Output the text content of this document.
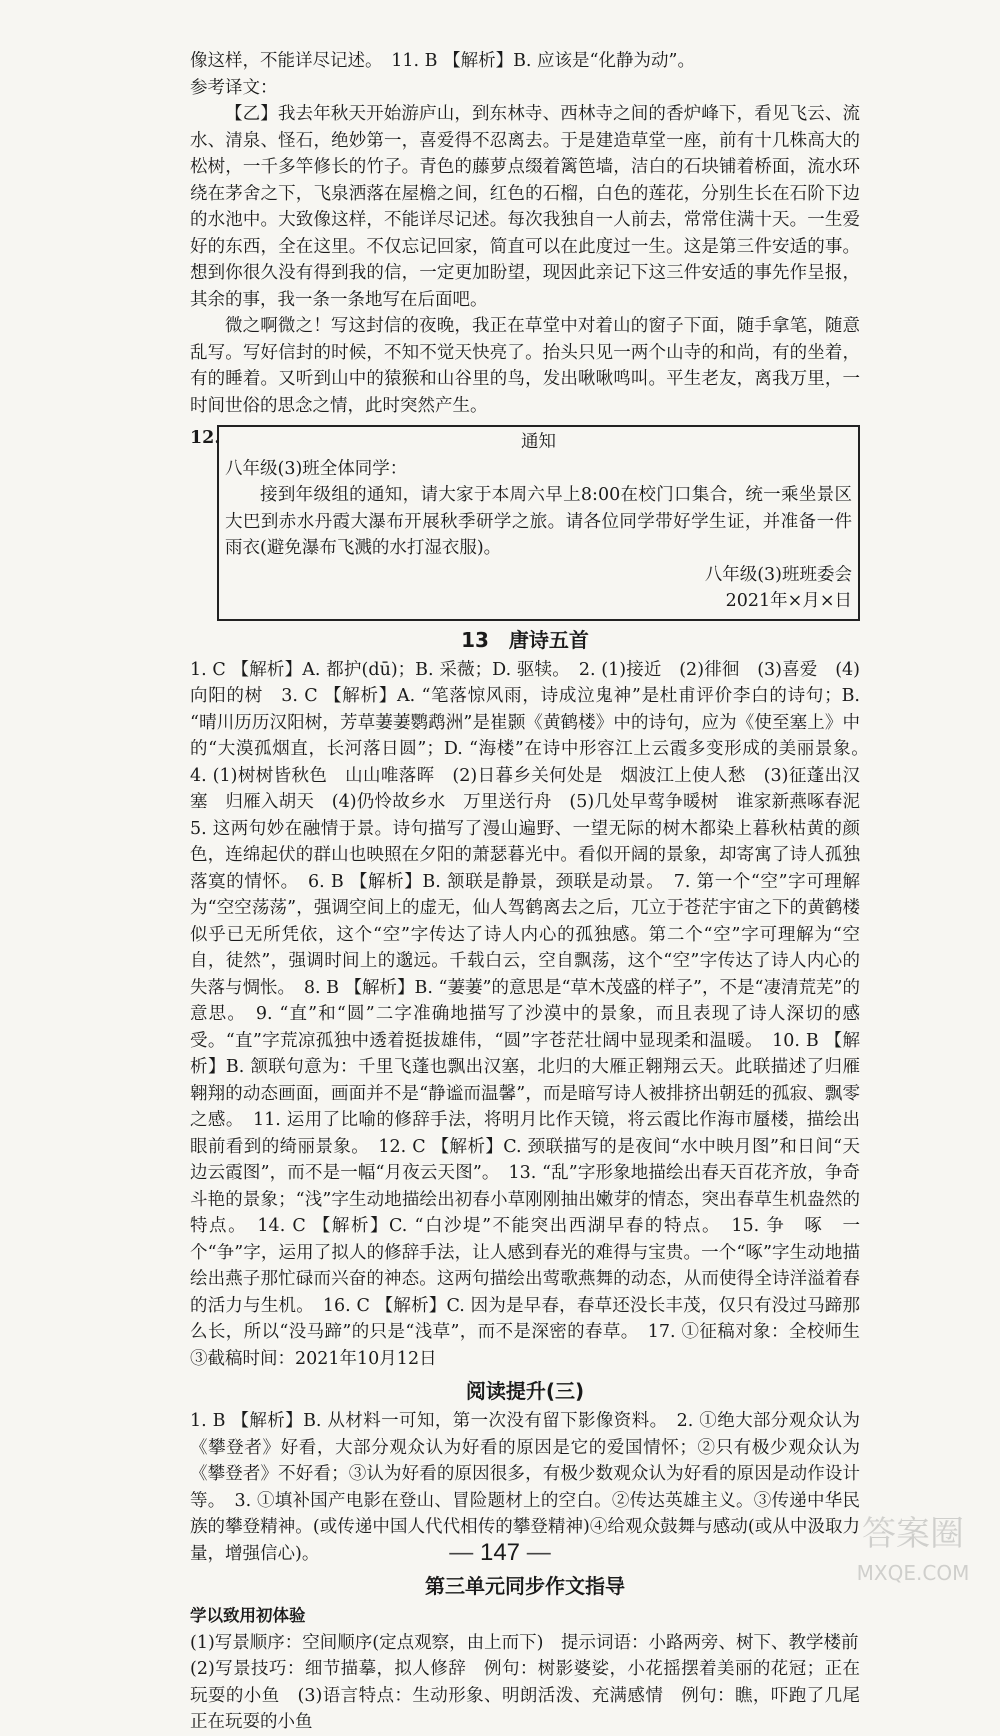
像这样，不能详尽记述。　11. B 【解析】B. 应该是“化静为动”。

参考译文：

【乙】我去年秋天开始游庐山，到东林寺、西林寺之间的香炉峰下，看见飞云、流水、清泉、怪石，绝妙第一，喜爱得不忍离去。于是建造草堂一座，前有十几株高大的松树，一千多竿修长的竹子。青色的藤萝点缀着篱笆墙，洁白的石块铺着桥面，流水环绕在茅舍之下，飞泉洒落在屋檐之间，红色的石榴，白色的莲花，分别生长在石阶下边的水池中。大致像这样，不能详尽记述。每次我独自一人前去，常常住满十天。一生爱好的东西，全在这里。不仅忘记回家，简直可以在此度过一生。这是第三件安适的事。想到你很久没有得到我的信，一定更加盼望，现因此亲记下这三件安适的事先作呈报，其余的事，我一条一条地写在后面吧。

微之啊微之！写这封信的夜晚，我正在草堂中对着山的窗子下面，随手拿笔，随意乱写。写好信封的时候，不知不觉天快亮了。抬头只见一两个山寺的和尚，有的坐着，有的睡着。又听到山中的猿猴和山谷里的鸟，发出啾啾鸣叫。平生老友，离我万里，一时间世俗的思念之情，此时突然产生。

12.	通知

八年级(3)班全体同学：

接到年级组的通知，请大家于本周六早上8:00在校门口集合，统一乘坐景区大巴到赤水丹霞大瀑布开展秋季研学之旅。请各位同学带好学生证，并准备一件雨衣(避免瀑布飞溅的水打湿衣服)。

八年级(3)班班委会

2021年×月×日

13　唐诗五首

1. C 【解析】A. 都护(dū)；B. 采薇；D. 驱犊。　2. (1)接近　(2)徘徊　(3)喜爱　(4)向阳的树　3. C 【解析】A. “笔落惊风雨，诗成泣鬼神”是杜甫评价李白的诗句；B. “晴川历历汉阳树，芳草萋萋鹦鹉洲”是崔颢《黄鹤楼》中的诗句，应为《使至塞上》中的“大漠孤烟直，长河落日圆”；D. “海楼”在诗中形容江上云霞多变形成的美丽景象。　4. (1)树树皆秋色　山山唯落晖　(2)日暮乡关何处是　烟波江上使人愁　(3)征蓬出汉塞　归雁入胡天　(4)仍怜故乡水　万里送行舟　(5)几处早莺争暖树　谁家新燕啄春泥　5. 这两句妙在融情于景。诗句描写了漫山遍野、一望无际的树木都染上暮秋枯黄的颜色，连绵起伏的群山也映照在夕阳的萧瑟暮光中。看似开阔的景象，却寄寓了诗人孤独落寞的情怀。　6. B 【解析】B. 颔联是静景，颈联是动景。　7. 第一个“空”字可理解为“空空荡荡”，强调空间上的虚无，仙人驾鹤离去之后，兀立于苍茫宇宙之下的黄鹤楼似乎已无所凭依，这个“空”字传达了诗人内心的孤独感。第二个“空”字可理解为“空自，徒然”，强调时间上的邈远。千载白云，空自飘荡，这个“空”字传达了诗人内心的失落与惆怅。　8. B 【解析】B. “萋萋”的意思是“草木茂盛的样子”，不是“凄清荒芜”的意思。　9. “直”和“圆”二字准确地描写了沙漠中的景象，而且表现了诗人深切的感受。“直”字荒凉孤独中透着挺拔雄伟，“圆”字苍茫壮阔中显现柔和温暖。　10. B 【解析】B. 颔联句意为：千里飞蓬也飘出汉塞，北归的大雁正翱翔云天。此联描述了归雁翱翔的动态画面，画面并不是“静谧而温馨”，而是暗写诗人被排挤出朝廷的孤寂、飘零之感。　11. 运用了比喻的修辞手法，将明月比作天镜，将云霞比作海市蜃楼，描绘出眼前看到的绮丽景象。　12. C 【解析】C. 颈联描写的是夜间“水中映月图”和日间“天边云霞图”，而不是一幅“月夜云天图”。　13. “乱”字形象地描绘出春天百花齐放，争奇斗艳的景象；“浅”字生动地描绘出初春小草刚刚抽出嫩芽的情态，突出春草生机盎然的特点。　14. C 【解析】C. “白沙堤”不能突出西湖早春的特点。　15. 争　啄　一个“争”字，运用了拟人的修辞手法，让人感到春光的难得与宝贵。一个“啄”字生动地描绘出燕子那忙碌而兴奋的神态。这两句描绘出莺歌燕舞的动态，从而使得全诗洋溢着春的活力与生机。　16. C 【解析】C. 因为是早春，春草还没长丰茂，仅只有没过马蹄那么长，所以“没马蹄”的只是“浅草”，而不是深密的春草。　17. ①征稿对象：全校师生　③截稿时间：2021年10月12日

阅读提升(三)

1. B 【解析】B. 从材料一可知，第一次没有留下影像资料。　2. ①绝大部分观众认为《攀登者》好看，大部分观众认为好看的原因是它的爱国情怀；②只有极少观众认为《攀登者》不好看；③认为好看的原因很多，有极少数观众认为好看的原因是动作设计等。　3. ①填补国产电影在登山、冒险题材上的空白。②传达英雄主义。③传递中华民族的攀登精神。(或传递中国人代代相传的攀登精神)④给观众鼓舞与感动(或从中汲取力量，增强信心)。

第三单元同步作文指导

学以致用初体验

(1)写景顺序：空间顺序(定点观察，由上而下)　提示词语：小路两旁、树下、教学楼前

(2)写景技巧：细节描摹，拟人修辞　例句：树影婆娑，小花摇摆着美丽的花冠；正在玩耍的小鱼　(3)语言特点：生动形象、明朗活泼、充满感情　例句：瞧，吓跑了几尾正在玩耍的小鱼

— 147 —	答案圈
MXQE.COM
